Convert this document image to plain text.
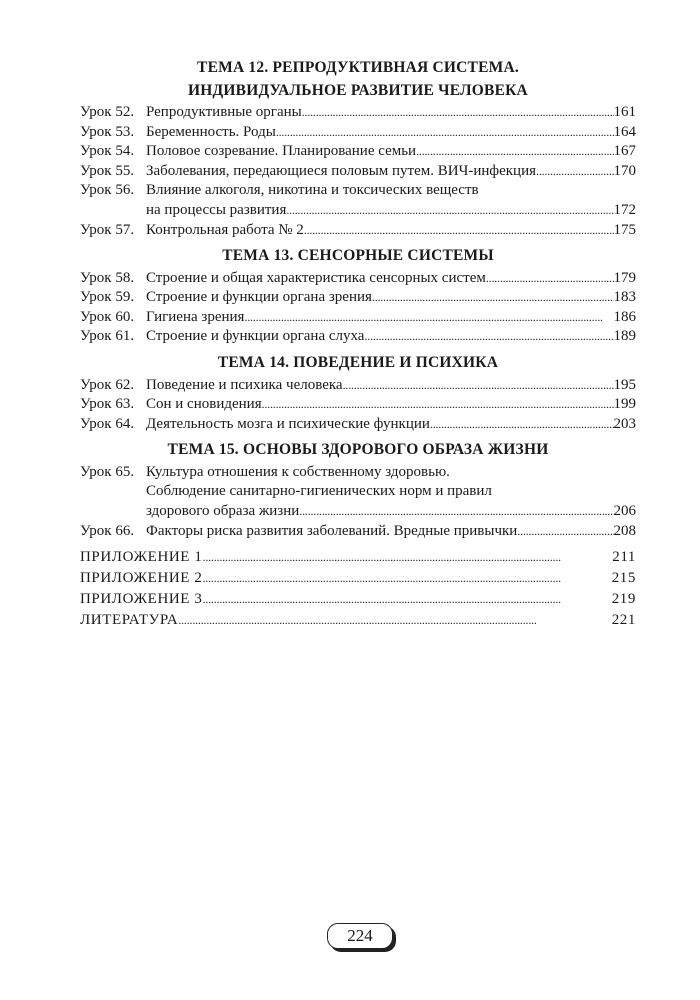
ТЕМА 12. РЕПРОДУКТИВНАЯ СИСТЕМА.
ИНДИВИДУАЛЬНОЕ РАЗВИТИЕ ЧЕЛОВЕКА
Урок 52. Репродуктивные органы . . .	161
Урок 53. Беременность. Роды . . .	164
Урок 54. Половое созревание. Планирование семьи . . .	167
Урок 55. Заболевания, передающиеся половым путем. ВИЧ-инфекция . . .	170
Урок 56. Влияние алкоголя, никотина и токсических веществ
на процессы развития . . .	172
Урок 57. Контрольная работа № 2 . . .	175
ТЕМА 13. СЕНСОРНЫЕ СИСТЕМЫ
Урок 58. Строение и общая характеристика сенсорных систем . . .	179
Урок 59. Строение и функции органа зрения . . .	183
Урок 60. Гигиена зрения . . .	186
Урок 61. Строение и функции органа слуха . . .	189
ТЕМА 14. ПОВЕДЕНИЕ И ПСИХИКА
Урок 62. Поведение и психика человека . . .	195
Урок 63. Сон и сновидения . . .	199
Урок 64. Деятельность мозга и психические функции . . .	203
ТЕМА 15. ОСНОВЫ ЗДОРОВОГО ОБРАЗА ЖИЗНИ
Урок 65. Культура отношения к собственному здоровью.
Соблюдение санитарно-гигиенических норм и правил
здорового образа жизни . . .	206
Урок 66. Факторы риска развития заболеваний. Вредные привычки . . .	208
ПРИЛОЖЕНИЕ 1 . . .	211
ПРИЛОЖЕНИЕ 2 . . .	215
ПРИЛОЖЕНИЕ 3 . . .	219
ЛИТЕРАТУРА . . .	221
224
